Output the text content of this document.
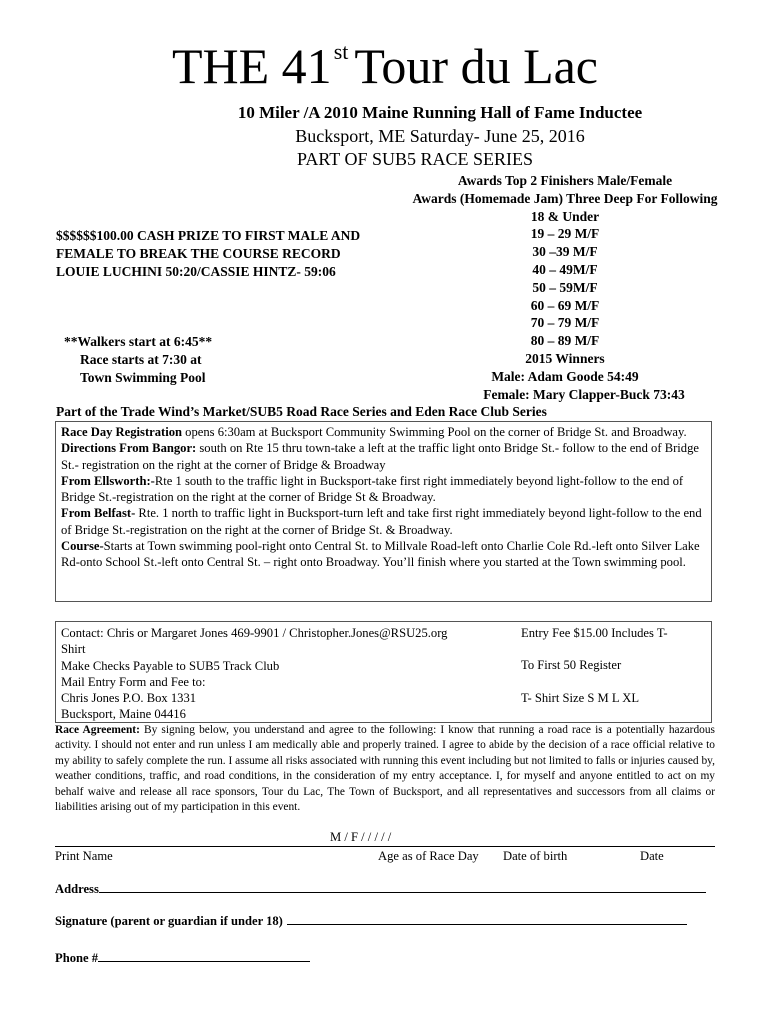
THE 41st Tour du Lac
10 Miler /A 2010 Maine Running Hall of Fame Inductee
Bucksport, ME Saturday- June 25, 2016
PART OF SUB5 RACE SERIES
Awards Top 2 Finishers Male/Female
Awards (Homemade Jam) Three Deep For Following
18 & Under
19 – 29 M/F
30 –39 M/F
40 – 49M/F
50 – 59M/F
60 – 69 M/F
70 – 79 M/F
80 – 89 M/F
2015 Winners
Male: Adam Goode 54:49
Female: Mary Clapper-Buck 73:43
$$$$$$100.00 CASH PRIZE TO FIRST MALE AND
FEMALE TO BREAK THE COURSE RECORD
LOUIE LUCHINI 50:20/CASSIE HINTZ- 59:06
**Walkers start at 6:45**
Race starts at 7:30 at
Town Swimming Pool
Part of the Trade Wind’s Market/SUB5 Road Race Series and Eden Race Club Series
Race Day Registration opens 6:30am at Bucksport Community Swimming Pool on the corner of Bridge St. and Broadway.
Directions From Bangor: south on Rte 15 thru town-take a left at the traffic light onto Bridge St.- follow to the end of Bridge St.- registration on the right at the corner of Bridge & Broadway
From Ellsworth:-Rte 1 south to the traffic light in Bucksport-take first right immediately beyond light-follow to the end of Bridge St.-registration on the right at the corner of Bridge St & Broadway.
From Belfast- Rte. 1 north to traffic light in Bucksport-turn left and take first right immediately beyond light-follow to the end of Bridge St.-registration on the right at the corner of Bridge St. & Broadway.
Course-Starts at Town swimming pool-right onto Central St. to Millvale Road-left onto Charlie Cole Rd.-left onto Silver Lake Rd-onto School St.-left onto Central St. – right onto Broadway. You’ll finish where you started at the Town swimming pool.
Contact: Chris or Margaret Jones 469-9901 / Christopher.Jones@RSU25.org
Shirt
Make Checks Payable to SUB5 Track Club
Mail Entry Form and Fee to:
Chris Jones P.O. Box 1331
Bucksport, Maine 04416
Entry Fee $15.00 Includes T-
To First 50 Register
T- Shirt Size S M L XL
Race Agreement: By signing below, you understand and agree to the following: I know that running a road race is a potentially hazardous activity. I should not enter and run unless I am medically able and properly trained. I agree to abide by the decision of a race official relative to my ability to safely complete the run. I assume all risks associated with running this event including but not limited to falls or injuries caused by, weather conditions, traffic, and road conditions, in the consideration of my entry acceptance. I, for myself and anyone entitled to act on my behalf waive and release all race sponsors, Tour du Lac, The Town of Bucksport, and all representatives and successors from all claims or liabilities arising out of my participation in this event.
M / F / / / / /
Print Name	Age as of Race Day Date of birth	Date
Address
Signature (parent or guardian if under 18)
Phone #
